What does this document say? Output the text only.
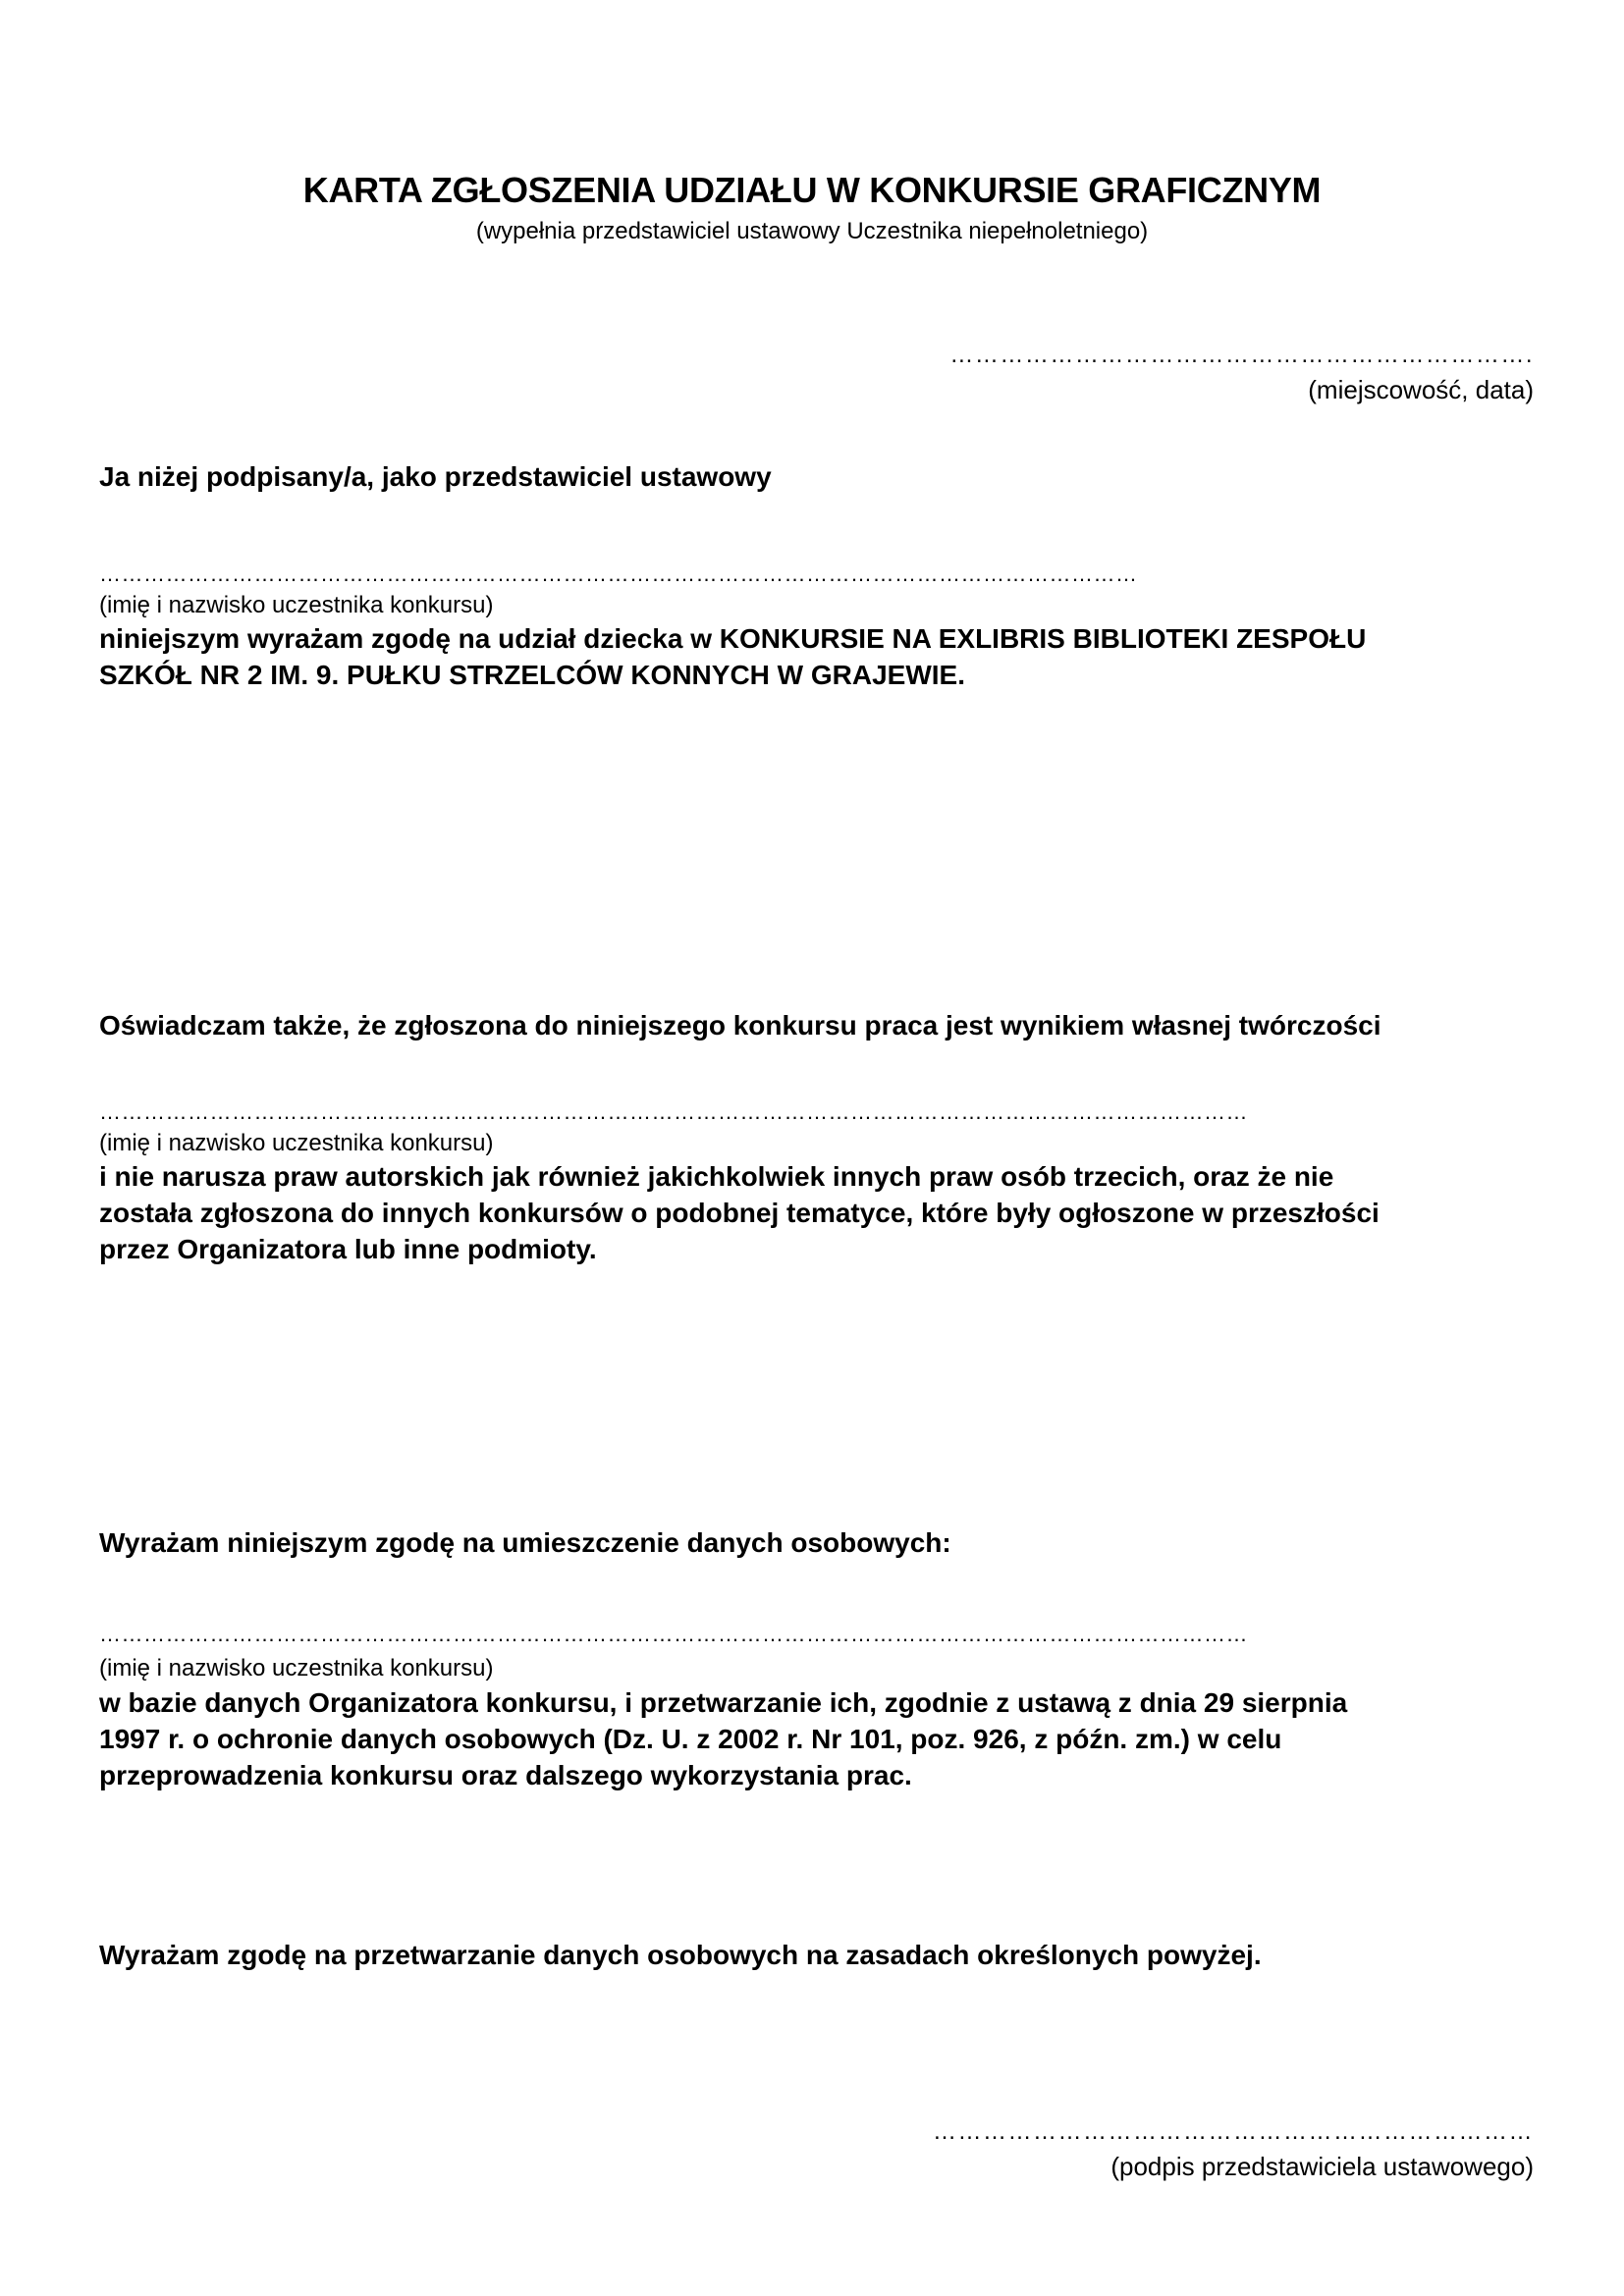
KARTA ZGŁOSZENIA UDZIAŁU W KONKURSIE GRAFICZNYM
(wypełnia przedstawiciel ustawowy Uczestnika niepełnoletniego)
…………………………………………………………….
(miejscowość, data)
Ja niżej podpisany/a, jako przedstawiciel ustawowy
……………………………………………………………………………………………………………………………
(imię i nazwisko uczestnika konkursu)
niniejszym wyrażam zgodę na udział dziecka w KONKURSIE NA EXLIBRIS BIBLIOTEKI ZESPOŁU
SZKÓŁ NR 2 IM. 9. PUŁKU STRZELCÓW KONNYCH W GRAJEWIE.
Oświadczam także, że zgłoszona do niniejszego konkursu praca jest wynikiem własnej twórczości
…………………………………………………………………………………………………………………………………………
(imię i nazwisko uczestnika konkursu)
i nie narusza praw autorskich jak również jakichkolwiek innych praw osób trzecich, oraz że nie
została zgłoszona do innych konkursów o podobnej tematyce, które były ogłoszone w przeszłości
przez Organizatora lub inne podmioty.
Wyrażam niniejszym zgodę na umieszczenie danych osobowych:
…………………………………………………………………………………………………………………………………………
(imię i nazwisko uczestnika konkursu)
w bazie danych Organizatora konkursu, i przetwarzanie ich, zgodnie z ustawą z dnia 29 sierpnia
1997 r. o ochronie danych osobowych (Dz. U. z 2002 r. Nr 101, poz. 926, z późn. zm.) w celu
przeprowadzenia konkursu oraz dalszego wykorzystania prac.
Wyrażam zgodę na przetwarzanie danych osobowych na zasadach określonych powyżej.
………………………………………………………………
(podpis przedstawiciela ustawowego)
